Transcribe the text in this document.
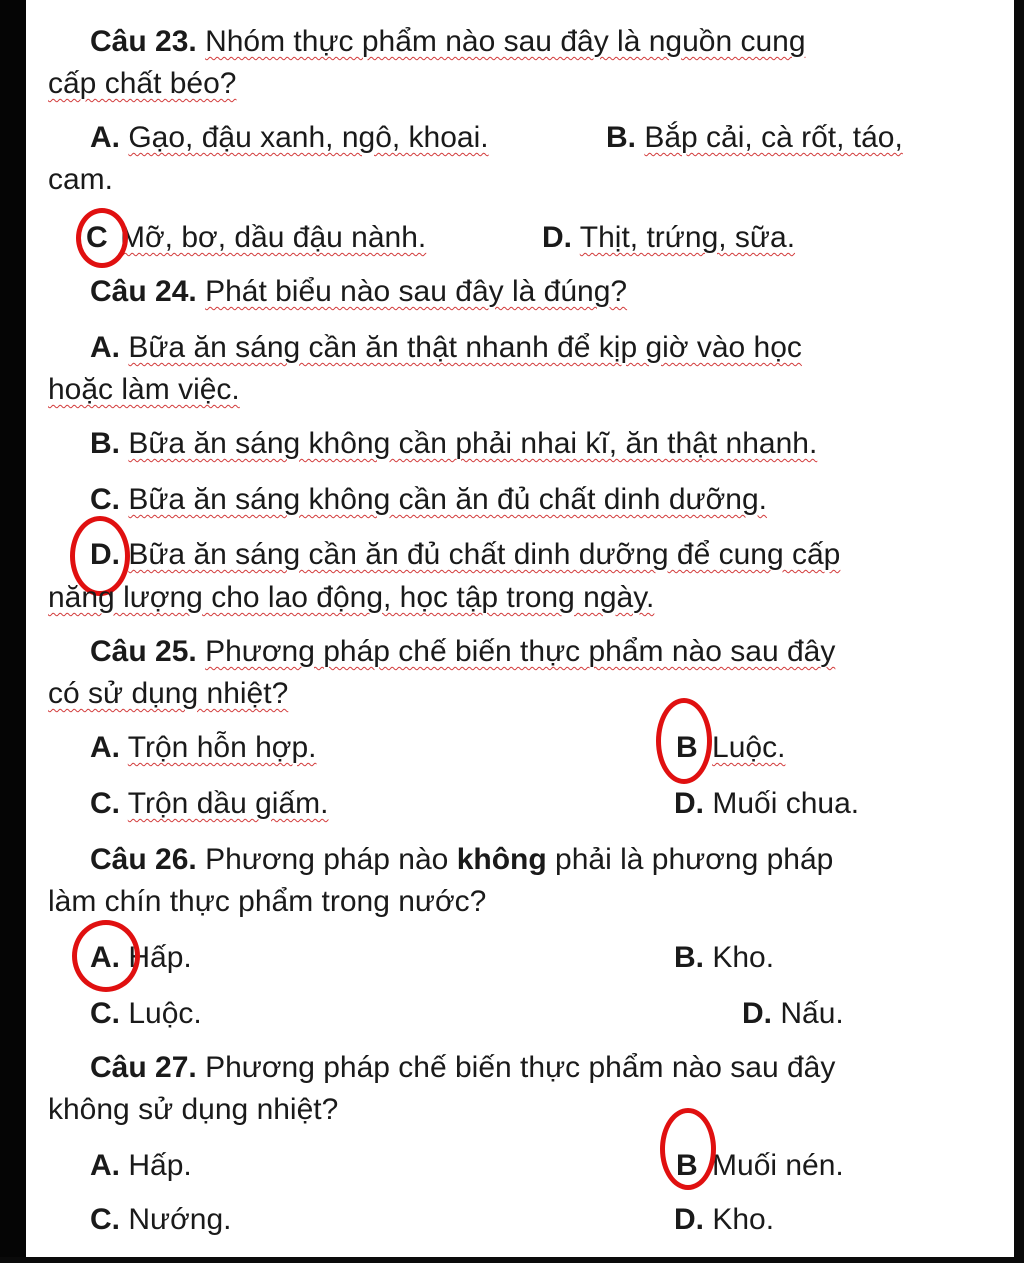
Câu 23. Nhóm thực phẩm nào sau đây là nguồn cung
cấp chất béo?
A. Gạo, đậu xanh, ngô, khoai.	B. Bắp cải, cà rốt, táo,
cam.
C Mỡ, bơ, dầu đậu nành.	D. Thịt, trứng, sữa.
Câu 24. Phát biểu nào sau đây là đúng?
A. Bữa ăn sáng cần ăn thật nhanh để kịp giờ vào học
hoặc làm việc.
B. Bữa ăn sáng không cần phải nhai kĩ, ăn thật nhanh.
C. Bữa ăn sáng không cần ăn đủ chất dinh dưỡng.
D. Bữa ăn sáng cần ăn đủ chất dinh dưỡng để cung cấp
năng lượng cho lao động, học tập trong ngày.
Câu 25. Phương pháp chế biến thực phẩm nào sau đây
có sử dụng nhiệt?
A. Trộn hỗn hợp.	B Luộc.
C. Trộn dầu giấm.	D. Muối chua.
Câu 26. Phương pháp nào không phải là phương pháp
làm chín thực phẩm trong nước?
A. Hấp.	B. Kho.
C. Luộc.	D. Nấu.
Câu 27. Phương pháp chế biến thực phẩm nào sau đây
không sử dụng nhiệt?
A. Hấp.	B Muối nén.
C. Nướng.	D. Kho.
